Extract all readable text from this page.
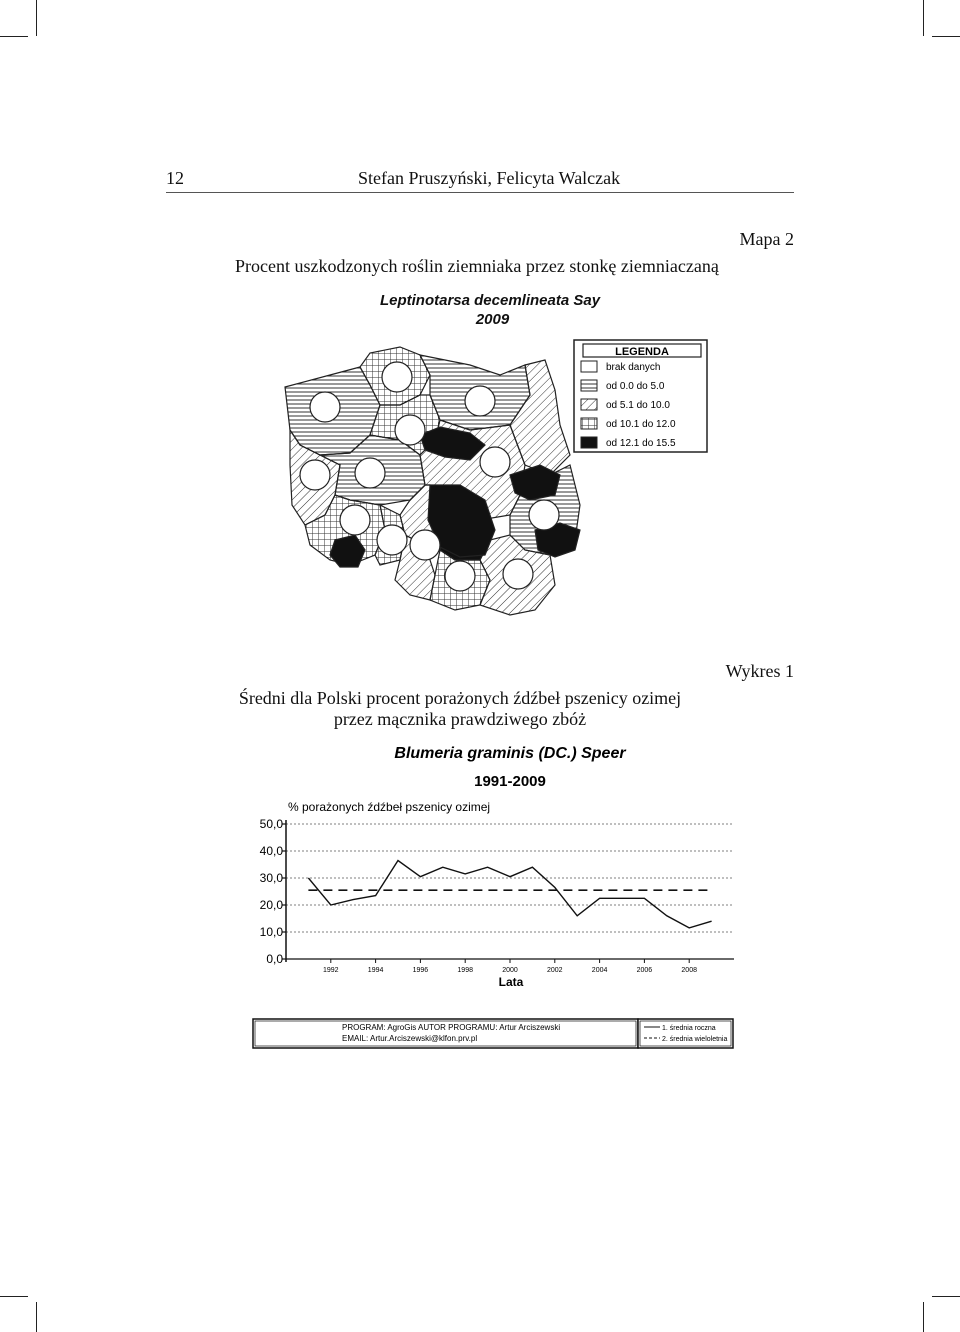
12	Stefan Pruszyński, Felicyta Walczak
Mapa 2
Procent uszkodzonych roślin ziemniaka przez stonkę ziemniaczaną
Leptinotarsa decemlineata Say
2009
LEGENDA
brak danych
od 0.0 do 5.0
od 5.1 do 10.0
od 10.1 do 12.0
od 12.1 do 15.5
Wykres 1
Średni dla Polski procent porażonych źdźbeł pszenicy ozimej
przez mącznika prawdziwego zbóż
Blumeria graminis (DC.) Speer
1991-2009
% porażonych źdźbeł pszenicy ozimej
Lata
0,0
10,0
20,0
30,0
40,0
50,0
1992	1994	1996	1998	2000	2002	2004	2006	2008
PROGRAM: AgroGis AUTOR PROGRAMU: Artur Arciszewski
EMAIL: Artur.Arciszewski@klfon.prv.pl
1. średnia roczna
2. średnia wieloletnia
